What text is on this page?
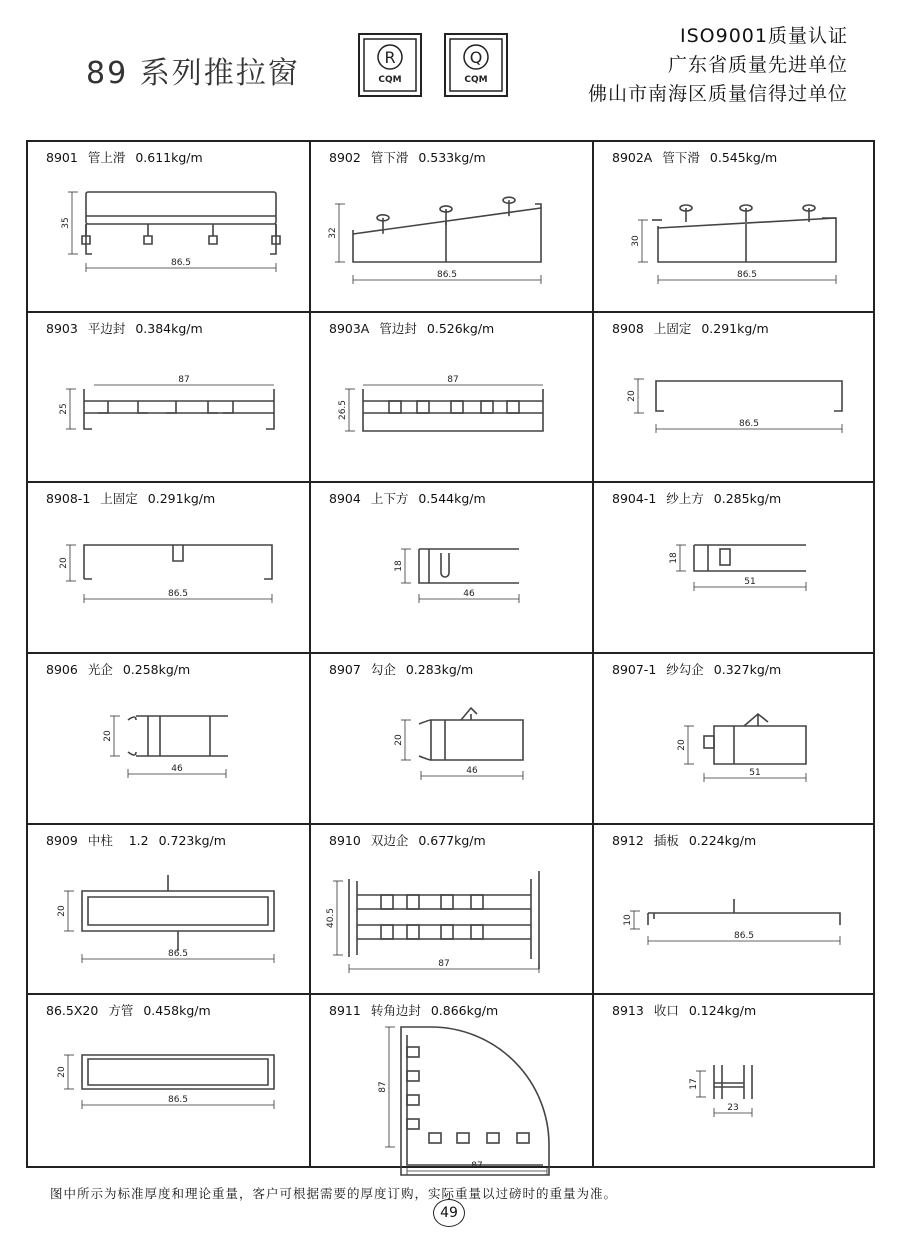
89 系列推拉窗	R
CQM
Q
CQM
ISO9001质量认证
广东省质量先进单位
佛山市南海区质量信得过单位
8901 管上滑 0.611kg/m
35
86.5
8902 管下滑 0.533kg/m
32
86.5
8902A 管下滑 0.545kg/m
30
86.5
8903 平边封 0.384kg/m
25
87
8903A 管边封 0.526kg/m
26.5
87
8908 上固定 0.291kg/m
20
86.5
8908-1 上固定 0.291kg/m
20
86.5
8904 上下方 0.544kg/m
18
46
8904-1 纱上方 0.285kg/m
18
51
8906 光企 0.258kg/m
20
46
8907 勾企 0.283kg/m
20
46
8907-1 纱勾企 0.327kg/m
20
51
8909 中柱    1.2 0.723kg/m
20
86.5
8910 双边企 0.677kg/m
40.5
87
8912 插板 0.224kg/m
10
86.5
86.5X20 方管 0.458kg/m
20
86.5
8911 转角边封 0.866kg/m
87
87
8913 收口 0.124kg/m
17
23
图中所示为标准厚度和理论重量，客户可根据需要的厚度订购，实际重量以过磅时的重量为准。
49
